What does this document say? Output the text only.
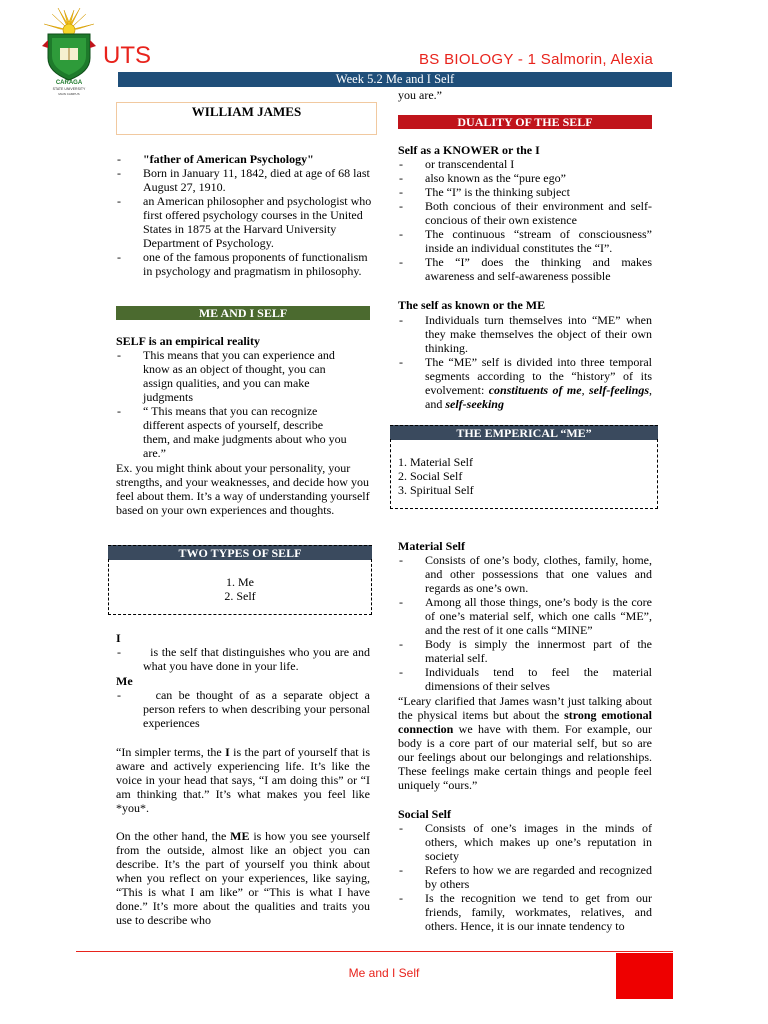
CARAGA
STATE UNIVERSITY
MAIN CAMPUS
UTS	BS BIOLOGY - 1 Salmorin, Alexia
Week 5.2 Me and I Self
WILLIAM JAMES
- "father of American Psychology"
- Born in January 11, 1842, died at age of 68 last August 27, 1910.
- an American philosopher and psychologist who first offered psychology courses in the United States in 1875 at the Harvard University Department of Psychology.
- one of the famous proponents of functionalism in psychology and pragmatism in philosophy.
ME AND I SELF
SELF is an empirical reality
- This means that you can experience and know as an object of thought, you can assign qualities, and you can make judgments
- “ This means that you can recognize different aspects of yourself, describe them, and make judgments about who you are.”
Ex. you might think about your personality, your strengths, and your weaknesses, and decide how you feel about them. It’s a way of understanding yourself based on your own experiences and thoughts.
TWO TYPES OF SELF
1. Me
2. Self
I
-   is the self that distinguishes who you are and what you have done in your life.
Me
-   can be thought of as a separate object a person refers to when describing your personal experiences
“In simpler terms, the I is the part of yourself that is aware and actively experiencing life. It’s like the voice in your head that says, “I am doing this” or “I am thinking that.” It’s what makes you feel like *you*.
On the other hand, the ME is how you see yourself from the outside, almost like an object you can describe. It’s the part of yourself you think about when you reflect on your experiences, like saying, “This is what I am like” or “This is what I have done.” It’s more about the qualities and traits you use to describe who
you are.”
DUALITY OF THE SELF
Self as a KNOWER or the I
- or transcendental I
- also known as the “pure ego”
- The “I” is the thinking subject
- Both concious of their environment and self-concious of their own existence
- The continuous “stream of consciousness” inside an individual constitutes the “I”.
- The “I” does the thinking and makes awareness and self-awareness possible
The self as known or the ME
- Individuals turn themselves into “ME” when they make themselves the object of their own thinking.
- The “ME” self is divided into three temporal segments according to the “history” of its evolvement: constituents of me, self-feelings, and self-seeking
THE EMPERICAL “ME”
1. Material Self
2. Social Self
3. Spiritual Self
Material Self
- Consists of one’s body, clothes, family, home, and other possessions that one values and regards as one’s own.
- Among all those things, one’s body is the core of one’s material self, which one calls “ME”, and the rest of it one calls “MINE”
- Body is simply the innermost part of the material self.
- Individuals tend to feel the material dimensions of their selves
“Leary clarified that James wasn’t just talking about the physical items but about the strong emotional connection we have with them. For example, our body is a core part of our material self, but so are our feelings about our belongings and relationships. These feelings make certain things and people feel uniquely “ours.”
Social Self
- Consists of one’s images in the minds of others, which makes up one’s reputation in society
- Refers to how we are regarded and recognized by others
- Is the recognition we tend to get from our friends, family, workmates, relatives, and others. Hence, it is our innate tendency to
Me and I Self
